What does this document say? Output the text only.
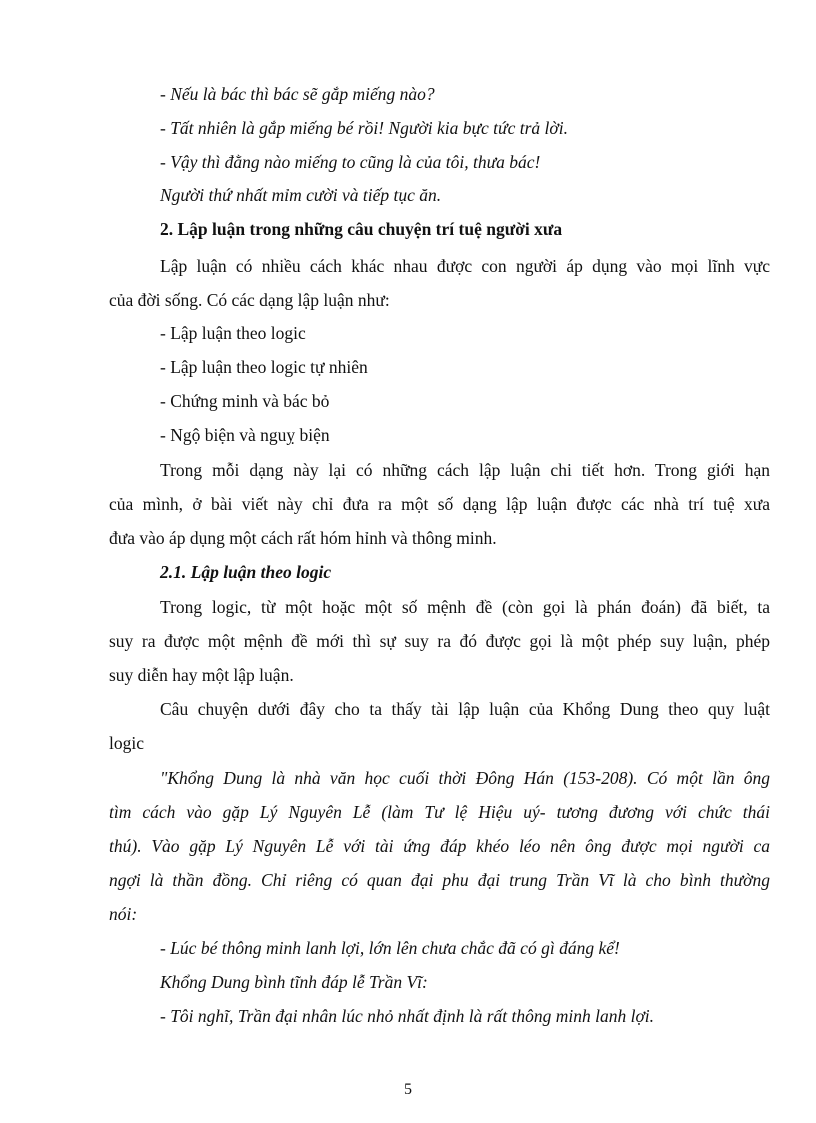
- Nếu là bác thì bác sẽ gắp miếng nào?
- Tất nhiên là gắp miếng bé rồi! Người kia bực tức trả lời.
- Vậy thì đằng nào miếng to cũng là của tôi, thưa bác!
Người thứ nhất mỉm cười và tiếp tục ăn.
2. Lập luận trong những câu chuyện trí tuệ người xưa
Lập luận có nhiều cách khác nhau được con người áp dụng vào mọi lĩnh vực
của đời sống. Có các dạng lập luận như:
- Lập luận theo logic
- Lập luận theo logic tự nhiên
- Chứng minh và bác bỏ
- Ngộ biện và nguỵ biện
Trong mỗi dạng này lại có những cách lập luận chi tiết hơn. Trong giới hạn
của mình, ở bài viết này chỉ đưa ra một số dạng lập luận được các nhà trí tuệ xưa
đưa vào áp dụng một cách rất hóm hỉnh và thông minh.
2.1. Lập luận theo logic
Trong logic, từ một hoặc một số mệnh đề (còn gọi là phán đoán) đã biết, ta
suy ra được một mệnh đề mới thì sự suy ra đó được gọi là một phép suy luận, phép
suy diễn hay một lập luận.
Câu chuyện dưới đây cho ta thấy tài lập luận của Khổng Dung theo quy luật
logic
"Khổng Dung là nhà văn học cuối thời Đông Hán (153-208). Có một lần ông
tìm cách vào gặp Lý Nguyên Lễ (làm Tư lệ Hiệu uý- tương đương với chức thái
thú). Vào gặp Lý Nguyên Lễ với tài ứng đáp khéo léo nên ông được mọi người ca
ngợi là thần đồng. Chỉ riêng có quan đại phu đại trung Trần Vĩ là cho bình thường
nói:
- Lúc bé thông minh lanh lợi, lớn lên chưa chắc đã có gì đáng kể!
Khổng Dung bình tĩnh đáp lễ Trần Vĩ:
- Tôi nghĩ, Trần đại nhân lúc nhỏ nhất định là rất thông minh lanh lợi.
5
